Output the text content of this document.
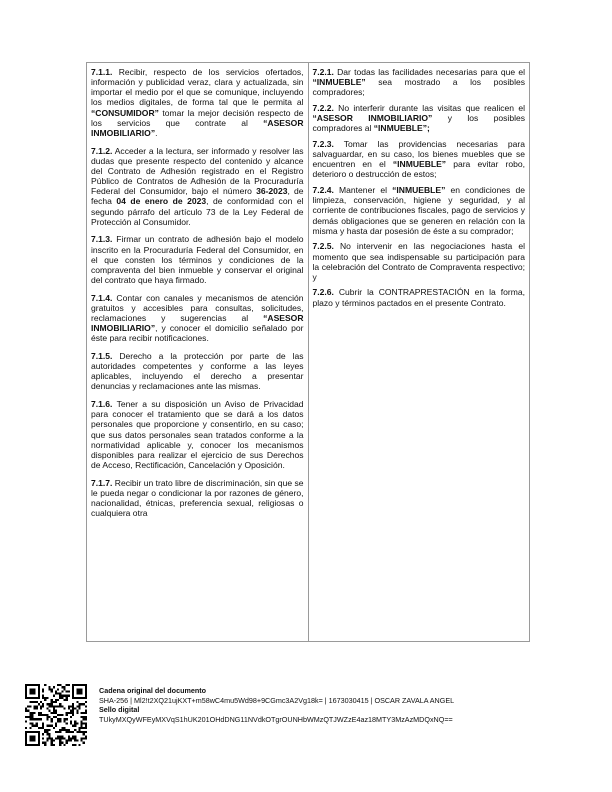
7.1.1. Recibir, respecto de los servicios ofertados, información y publicidad veraz, clara y actualizada, sin importar el medio por el que se comunique, incluyendo los medios digitales, de forma tal que le permita al “CONSUMIDOR” tomar la mejor decisión respecto de los servicios que contrate al “ASESOR INMOBILIARIO”.

7.1.2. Acceder a la lectura, ser informado y resolver las dudas que presente respecto del contenido y alcance del Contrato de Adhesión registrado en el Registro Público de Contratos de Adhesión de la Procuraduría Federal del Consumidor, bajo el número 36-2023, de fecha 04 de enero de 2023, de conformidad con el segundo párrafo del artículo 73 de la Ley Federal de Protección al Consumidor.

7.1.3. Firmar un contrato de adhesión bajo el modelo inscrito en la Procuraduría Federal del Consumidor, en el que consten los términos y condiciones de la compraventa del bien inmueble y conservar el original del contrato que haya firmado.

7.1.4. Contar con canales y mecanismos de atención gratuitos y accesibles para consultas, solicitudes, reclamaciones y sugerencias al “ASESOR INMOBILIARIO”, y conocer el domicilio señalado por éste para recibir notificaciones.

7.1.5. Derecho a la protección por parte de las autoridades competentes y conforme a las leyes aplicables, incluyendo el derecho a presentar denuncias y reclamaciones ante las mismas.

7.1.6. Tener a su disposición un Aviso de Privacidad para conocer el tratamiento que se dará a los datos personales que proporcione y consentirlo, en su caso; que sus datos personales sean tratados conforme a la normatividad aplicable y, conocer los mecanismos disponibles para realizar el ejercicio de sus Derechos de Acceso, Rectificación, Cancelación y Oposición.

7.1.7. Recibir un trato libre de discriminación, sin que se le pueda negar o condicionar la por razones de género, nacionalidad, étnicas, preferencia sexual, religiosas o cualquiera otra

7.2.1. Dar todas las facilidades necesarias para que el “INMUEBLE” sea mostrado a los posibles compradores;

7.2.2. No interferir durante las visitas que realicen el “ASESOR INMOBILIARIO” y los posibles compradores al “INMUEBLE”;

7.2.3. Tomar las providencias necesarias para salvaguardar, en su caso, los bienes muebles que se encuentren en el “INMUEBLE” para evitar robo, deterioro o destrucción de estos;

7.2.4. Mantener el “INMUEBLE” en condiciones de limpieza, conservación, higiene y seguridad, y al corriente de contribuciones fiscales, pago de servicios y demás obligaciones que se generen en relación con la misma y hasta dar posesión de éste a su comprador;

7.2.5. No intervenir en las negociaciones hasta el momento que sea indispensable su participación para la celebración del Contrato de Compraventa respectivo; y

7.2.6. Cubrir la CONTRAPRESTACIÓN en la forma, plazo y términos pactados en el presente Contrato.

Cadena original del documento
SHA-256 | Ml2!t2XQ21ujKXT+m58wC4mu5Wd98+9CGmc3A2Vg18k= | 1673030415 | OSCAR ZAVALA ANGEL
Sello digital
TUkyMXQyWFEyMXVqS1hUK201OHdDNG11NVdkOTgrOUNHbWMzQTJWZzE4az18MTY3MzAzMDQxNQ==
